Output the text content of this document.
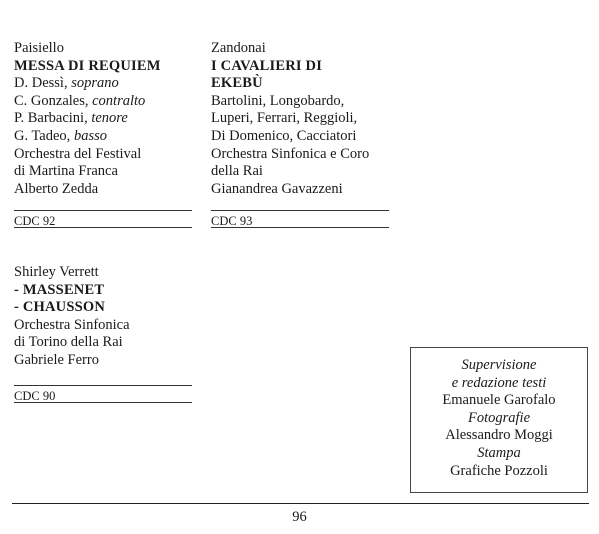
Paisiello
MESSA DI REQUIEM
D. Dessì, soprano
C. Gonzales, contralto
P. Barbacini, tenore
G. Tadeo, basso
Orchestra del Festival
di Martina Franca
Alberto Zedda
CDC 92
Zandonai
I CAVALIERI DI
EKEBÙ
Bartolini, Longobardo,
Luperi, Ferrari, Reggioli,
Di Domenico, Cacciatori
Orchestra Sinfonica e Coro
della Rai
Gianandrea Gavazzeni
CDC 93
Shirley Verrett
- MASSENET
- CHAUSSON
Orchestra Sinfonica
di Torino della Rai
Gabriele Ferro
CDC 90
Supervisione
e redazione testi
Emanuele Garofalo
Fotografie
Alessandro Moggi
Stampa
Grafiche Pozzoli
96
